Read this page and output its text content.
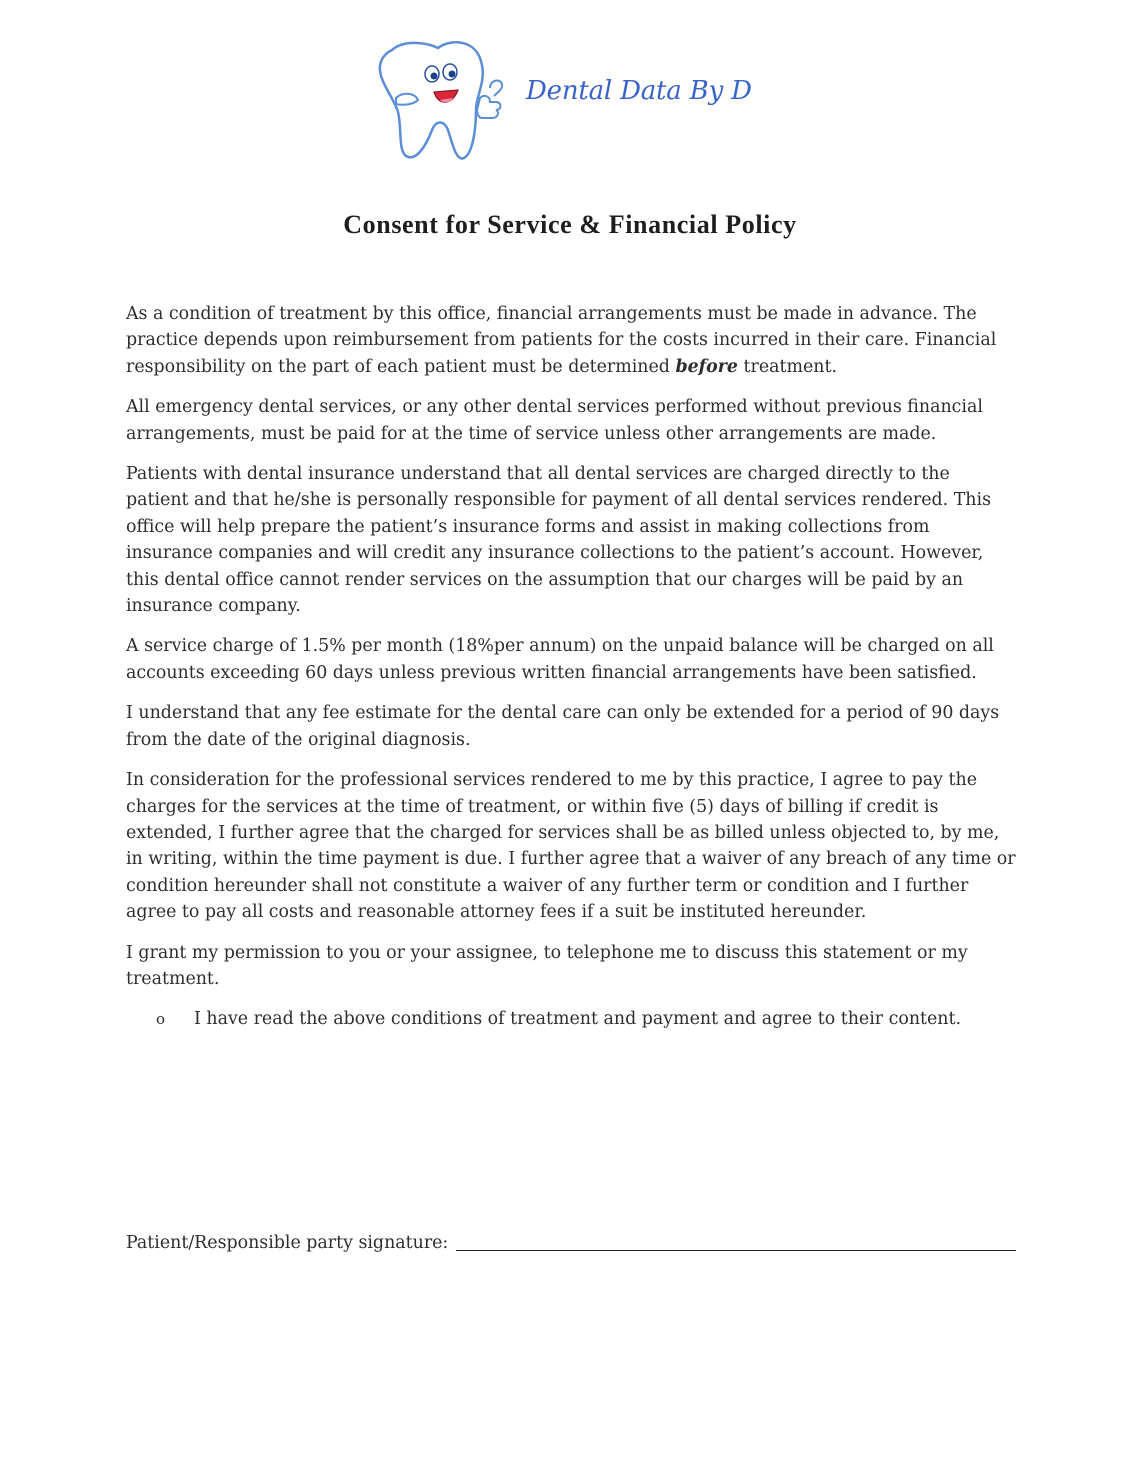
Dental Data By D
Consent for Service & Financial Policy

As a condition of treatment by this office, financial arrangements must be made in advance. The practice depends upon reimbursement from patients for the costs incurred in their care. Financial responsibility on the part of each patient must be determined before treatment.

All emergency dental services, or any other dental services performed without previous financial arrangements, must be paid for at the time of service unless other arrangements are made.

Patients with dental insurance understand that all dental services are charged directly to the patient and that he/she is personally responsible for payment of all dental services rendered. This office will help prepare the patient’s insurance forms and assist in making collections from insurance companies and will credit any insurance collections to the patient’s account. However, this dental office cannot render services on the assumption that our charges will be paid by an insurance company.

A service charge of 1.5% per month (18%per annum) on the unpaid balance will be charged on all accounts exceeding 60 days unless previous written financial arrangements have been satisfied.

I understand that any fee estimate for the dental care can only be extended for a period of 90 days from the date of the original diagnosis.

In consideration for the professional services rendered to me by this practice, I agree to pay the charges for the services at the time of treatment, or within five (5) days of billing if credit is extended, I further agree that the charged for services shall be as billed unless objected to, by me, in writing, within the time payment is due. I further agree that a waiver of any breach of any time or condition hereunder shall not constitute a waiver of any further term or condition and I further agree to pay all costs and reasonable attorney fees if a suit be instituted hereunder.

I grant my permission to you or your assignee, to telephone me to discuss this statement or my treatment.

o	I have read the above conditions of treatment and payment and agree to their content.
Patient/Responsible party signature:
